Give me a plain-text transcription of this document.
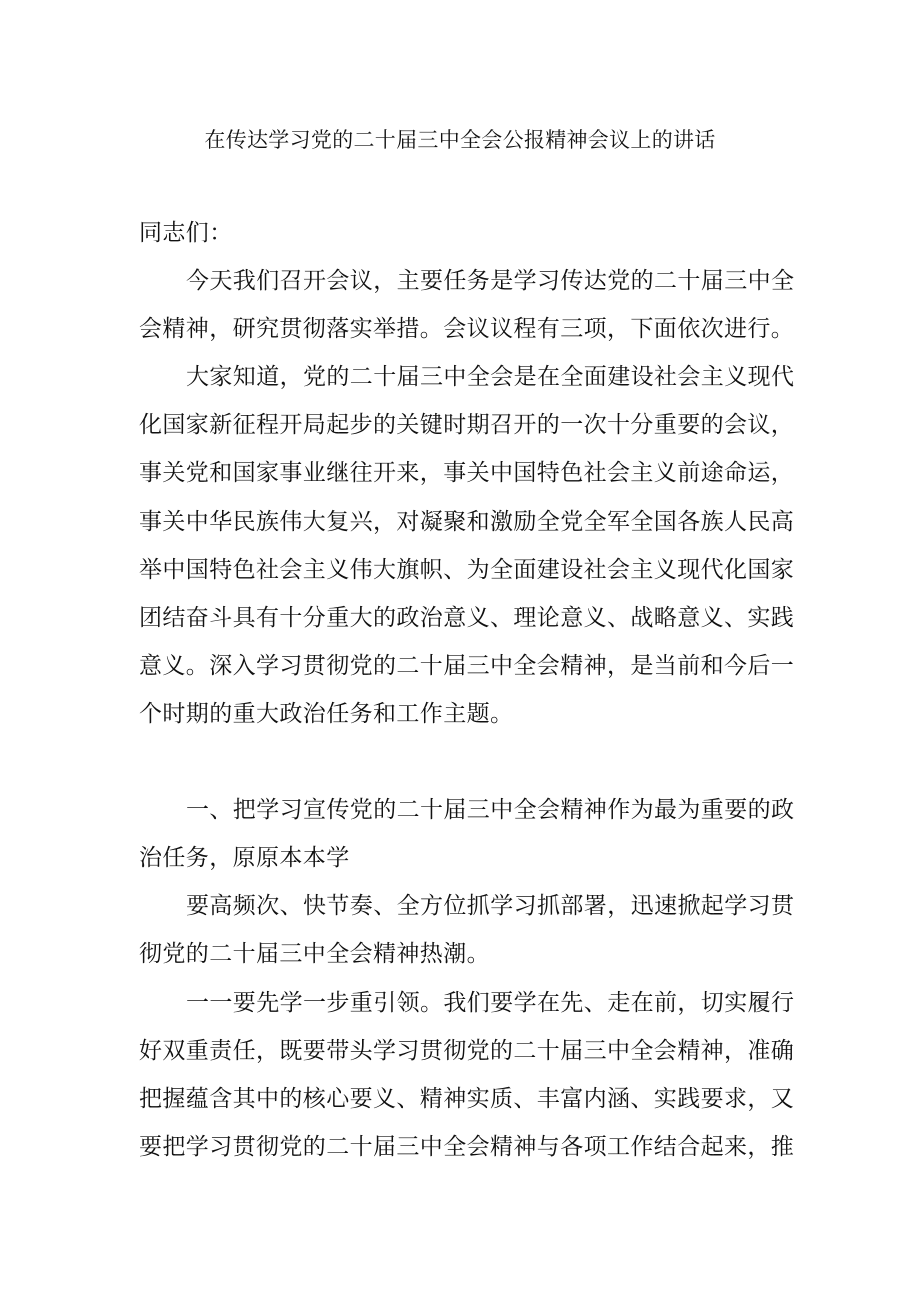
在传达学习党的二十届三中全会公报精神会议上的讲话
同志们：
今天我们召开会议，主要任务是学习传达党的二十届三中全
会精神，研究贯彻落实举措。会议议程有三项，下面依次进行。
大家知道，党的二十届三中全会是在全面建设社会主义现代
化国家新征程开局起步的关键时期召开的一次十分重要的会议，
事关党和国家事业继往开来，事关中国特色社会主义前途命运，
事关中华民族伟大复兴，对凝聚和激励全党全军全国各族人民高
举中国特色社会主义伟大旗帜、为全面建设社会主义现代化国家
团结奋斗具有十分重大的政治意义、理论意义、战略意义、实践
意义。深入学习贯彻党的二十届三中全会精神，是当前和今后一
个时期的重大政治任务和工作主题。
一、把学习宣传党的二十届三中全会精神作为最为重要的政
治任务，原原本本学
要高频次、快节奏、全方位抓学习抓部署，迅速掀起学习贯
彻党的二十届三中全会精神热潮。
一一要先学一步重引领。我们要学在先、走在前，切实履行
好双重责任，既要带头学习贯彻党的二十届三中全会精神，准确
把握蕴含其中的核心要义、精神实质、丰富内涵、实践要求，又
要把学习贯彻党的二十届三中全会精神与各项工作结合起来，推
